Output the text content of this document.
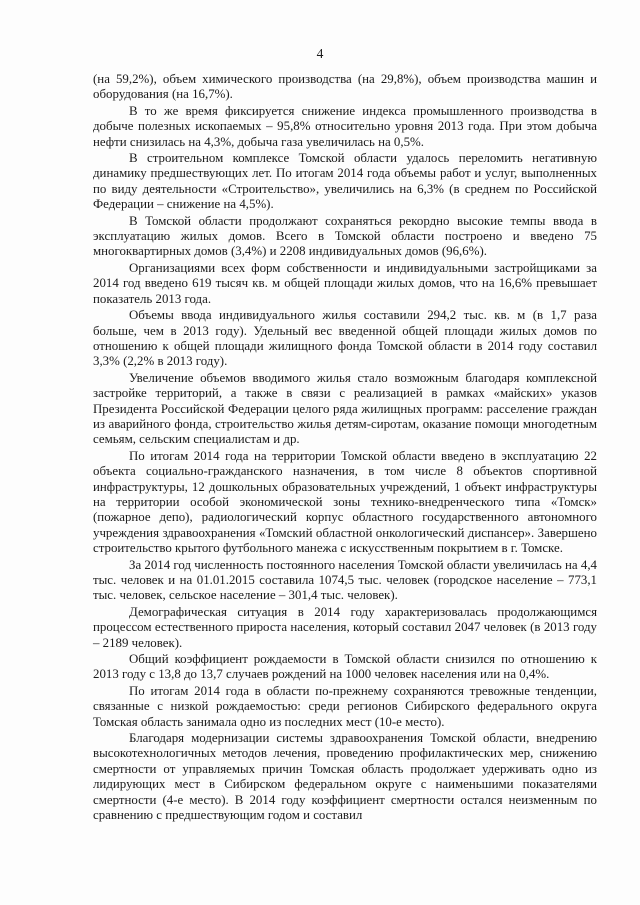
4

(на 59,2%), объем химического производства (на 29,8%), объем производства машин и оборудования (на 16,7%).

В то же время фиксируется снижение индекса промышленного производства в добыче полезных ископаемых – 95,8% относительно уровня 2013 года. При этом добыча нефти снизилась на 4,3%, добыча газа увеличилась на 0,5%.

В строительном комплексе Томской области удалось переломить негативную динамику предшествующих лет. По итогам 2014 года объемы работ и услуг, выполненных по виду деятельности «Строительство», увеличились на 6,3% (в среднем по Российской Федерации – снижение на 4,5%).

В Томской области продолжают сохраняться рекордно высокие темпы ввода в эксплуатацию жилых домов. Всего в Томской области построено и введено 75 многоквартирных домов (3,4%) и 2208 индивидуальных домов (96,6%).

Организациями всех форм собственности и индивидуальными застройщиками за 2014 год введено 619 тысяч кв. м общей площади жилых домов, что на 16,6% превышает показатель 2013 года.

Объемы ввода индивидуального жилья составили 294,2 тыс. кв. м (в 1,7 раза больше, чем в 2013 году). Удельный вес введенной общей площади жилых домов по отношению к общей площади жилищного фонда Томской области в 2014 году составил 3,3% (2,2% в 2013 году).

Увеличение объемов вводимого жилья стало возможным благодаря комплексной застройке территорий, а также в связи с реализацией в рамках «майских» указов Президента Российской Федерации целого ряда жилищных программ: расселение граждан из аварийного фонда, строительство жилья детям-сиротам, оказание помощи многодетным семьям, сельским специалистам и др.

По итогам 2014 года на территории Томской области введено в эксплуатацию 22 объекта социально-гражданского назначения, в том числе 8 объектов спортивной инфраструктуры, 12 дошкольных образовательных учреждений, 1 объект инфраструктуры на территории особой экономической зоны технико-внедренческого типа «Томск» (пожарное депо), радиологический корпус областного государственного автономного учреждения здравоохранения «Томский областной онкологический диспансер». Завершено строительство крытого футбольного манежа с искусственным покрытием в г. Томске.

За 2014 год численность постоянного населения Томской области увеличилась на 4,4 тыс. человек и на 01.01.2015 составила 1074,5 тыс. человек (городское население – 773,1 тыс. человек, сельское население – 301,4 тыс. человек).

Демографическая ситуация в 2014 году характеризовалась продолжающимся процессом естественного прироста населения, который составил 2047 человек (в 2013 году – 2189 человек).

Общий коэффициент рождаемости в Томской области снизился по отношению к 2013 году с 13,8 до 13,7 случаев рождений на 1000 человек населения или на 0,4%.

По итогам 2014 года в области по-прежнему сохраняются тревожные тенденции, связанные с низкой рождаемостью: среди регионов Сибирского федерального округа Томская область занимала одно из последних мест (10-е место).

Благодаря модернизации системы здравоохранения Томской области, внедрению высокотехнологичных методов лечения, проведению профилактических мер, снижению смертности от управляемых причин Томская область продолжает удерживать одно из лидирующих мест в Сибирском федеральном округе с наименьшими показателями смертности (4-е место). В 2014 году коэффициент смертности остался неизменным по сравнению с предшествующим годом и составил
